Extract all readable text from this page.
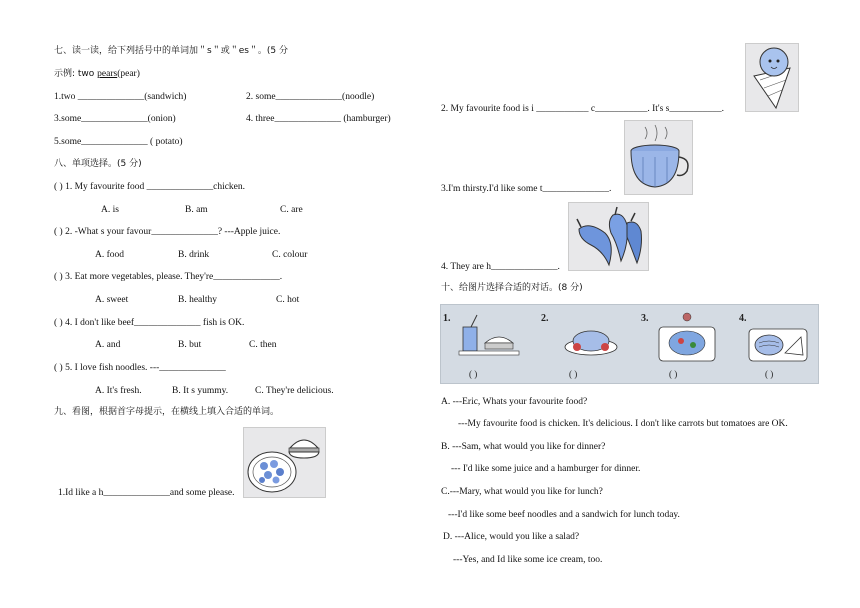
七、读一读，给下列括号中的单词加＂s＂或＂es＂。(5 分
示例: two pears(pear)
1.two ______________(sandwich)	2. some______________(noodle)
3.some______________(onion)	4. three______________ (hamburger)
5.some______________ ( potato)
八、单项选择。(5 分)
( ) 1. My favourite food ______________chicken.
A. is	B. am	C. are
( ) 2. -What s your favour______________? ---Apple juice.
A. food	B. drink	C. colour
( ) 3. Eat more vegetables, please. They're______________.
A. sweet	B. healthy	C. hot
( ) 4. I don't like beef______________ fish is OK.
A. and	B. but	C. then
( ) 5. I love fish noodles. ---______________
A. It's fresh.	B. It s yummy.	C. They're delicious.
九、看图，根据首字母提示，在横线上填入合适的单词。
1.Id like a h______________and some please.
2. My favourite food is i ___________ c___________. It's s___________.
3.I'm thirsty.I'd like some t______________.
4. They are h______________.
十、给图片选择合适的对话。(8 分)
1.	2.	3.	4.
( )	( )	( )	( )
A. ---Eric, Whats your favourite food?
---My favourite food is chicken. It's delicious. I don't like carrots but tomatoes are OK.
B. ---Sam, what would you like for dinner?
--- I'd like some juice and a hamburger for dinner.
C.---Mary, what would you like for lunch?
---I'd like some beef noodles and a sandwich for lunch today.
D. ---Alice, would you like a salad?
---Yes, and Id like some ice cream, too.
